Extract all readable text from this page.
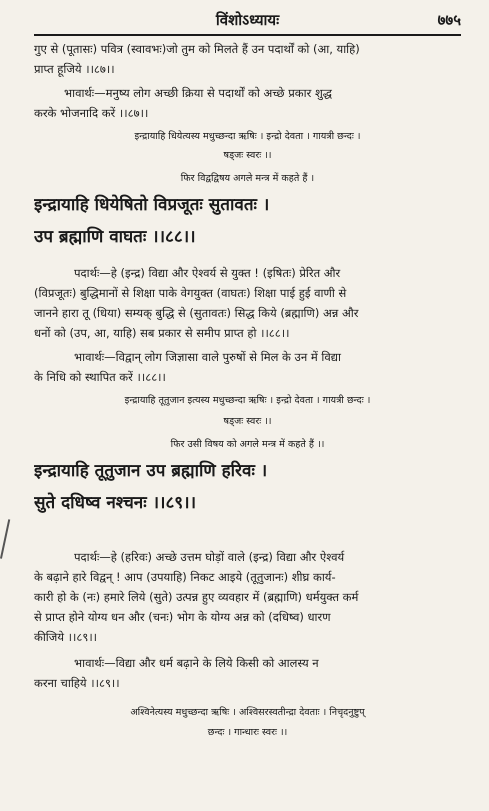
विंशोऽध्यायः	७७५
गुए से (पूतासः) पवित्र (स्वावभः)जो तुम को मिलते हैं उन पदार्थों को (आ, याहि)
प्राप्त हूजिये ।।८७।।
भावार्थः—मनुष्य लोग अच्छी क्रिया से पदार्थों को अच्छे प्रकार शुद्ध
करके भोजनादि करें ।।८७।।
इन्द्रायाहि धियेत्यस्य मधुच्छन्दा ऋषिः । इन्द्रो देवता । गायत्री छन्दः ।
षड्जः स्वरः ।।
फिर विद्वद्विषय अगले मन्त्र में कहते हैं ।
इन्द्रायाहि धियेषितो विप्रजूतः सुतावतः ।
उप ब्रह्माणि वाघतः ।।८८।।
पदार्थः—हे (इन्द्र) विद्या और ऐश्वर्य से युक्त ! (इषितः) प्रेरित और
(विप्रजूतः) बुद्धिमानों से शिक्षा पाके वेगयुक्त (वाघतः) शिक्षा पाई हुई वाणी से
जानने हारा तू (धिया) सम्यक् बुद्धि से (सुतावतः) सिद्ध किये (ब्रह्माणि) अन्न और
धनों को (उप, आ, याहि) सब प्रकार से समीप प्राप्त हो ।।८८।।
भावार्थः—विद्वान् लोग जिज्ञासा वाले पुरुषों से मिल के उन में विद्या
के निधि को स्थापित करें ।।८८।।
इन्द्रायाहि तूतुजान इत्यस्य मधुच्छन्दा ऋषिः । इन्द्रो देवता । गायत्री छन्दः ।
षड्जः स्वरः ।।
फिर उसी विषय को अगले मन्त्र में कहते हैं ।।
इन्द्रायाहि तूतुजान उप ब्रह्माणि हरिवः ।
सुते दधिष्व नश्चनः ।।८९।।
पदार्थः—हे (हरिवः) अच्छे उत्तम घोड़ों वाले (इन्द्र) विद्या और ऐश्वर्य
के बढ़ाने हारे विद्वन् ! आप (उपयाहि) निकट आइये (तूतुजानः) शीघ्र कार्य-
कारी हो के (नः) हमारे लिये (सुते) उत्पन्न हुए व्यवहार में (ब्रह्माणि) धर्मयुक्त कर्म
से प्राप्त होने योग्य धन और (चनः) भोग के योग्य अन्न को (दधिष्व) धारण
कीजिये ।।८९।।
भावार्थः—विद्या और धर्म बढ़ाने के लिये किसी को आलस्य न
करना चाहिये ।।८९।।
अश्विनेत्यस्य मधुच्छन्दा ऋषिः । अश्विसरस्वतीन्द्रा देवताः । निचृदनुष्टुप्
छन्दः । गान्धारः स्वरः ।।
